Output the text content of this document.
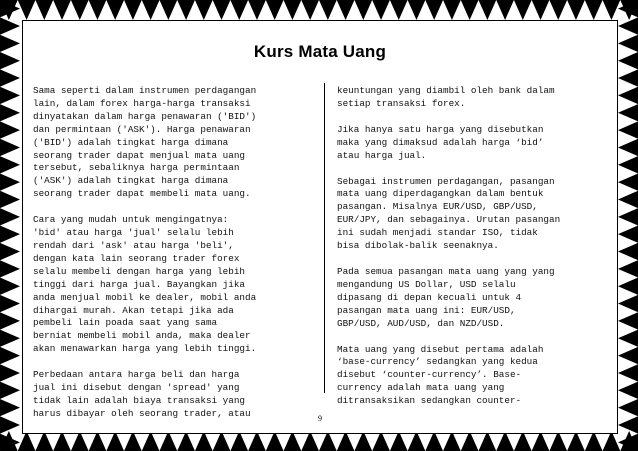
Kurs Mata Uang

Sama seperti dalam instrumen perdagangan
lain, dalam forex harga-harga transaksi
dinyatakan dalam harga penawaran ('BID')
dan permintaan ('ASK'). Harga penawaran
('BID') adalah tingkat harga dimana
seorang trader dapat menjual mata uang
tersebut, sebaliknya harga permintaan
('ASK') adalah tingkat harga dimana
seorang trader dapat membeli mata uang.

Cara yang mudah untuk mengingatnya:
'bid' atau harga 'jual' selalu lebih
rendah dari 'ask' atau harga 'beli',
dengan kata lain seorang trader forex
selalu membeli dengan harga yang lebih
tinggi dari harga jual. Bayangkan jika
anda menjual mobil ke dealer, mobil anda
dihargai murah. Akan tetapi jika ada
pembeli lain poada saat yang sama
berniat membeli mobil anda, maka dealer
akan menawarkan harga yang lebih tinggi.

Perbedaan antara harga beli dan harga
jual ini disebut dengan 'spread' yang
tidak lain adalah biaya transaksi yang
harus dibayar oleh seorang trader, atau

keuntungan yang diambil oleh bank dalam
setiap transaksi forex.

Jika hanya satu harga yang disebutkan
maka yang dimaksud adalah harga ‘bid’
atau harga jual.

Sebagai instrumen perdagangan, pasangan
mata uang diperdagangkan dalam bentuk
pasangan. Misalnya EUR/USD, GBP/USD,
EUR/JPY, dan sebagainya. Urutan pasangan
ini sudah menjadi standar ISO, tidak
bisa dibolak-balik seenaknya.

Pada semua pasangan mata uang yang yang
mengandung US Dollar, USD selalu
dipasang di depan kecuali untuk 4
pasangan mata uang ini: EUR/USD,
GBP/USD, AUD/USD, dan NZD/USD.

Mata uang yang disebut pertama adalah
‘base-currency’ sedangkan yang kedua
disebut ‘counter-currency’. Base-
currency adalah mata uang yang
ditransaksikan sedangkan counter-

9
